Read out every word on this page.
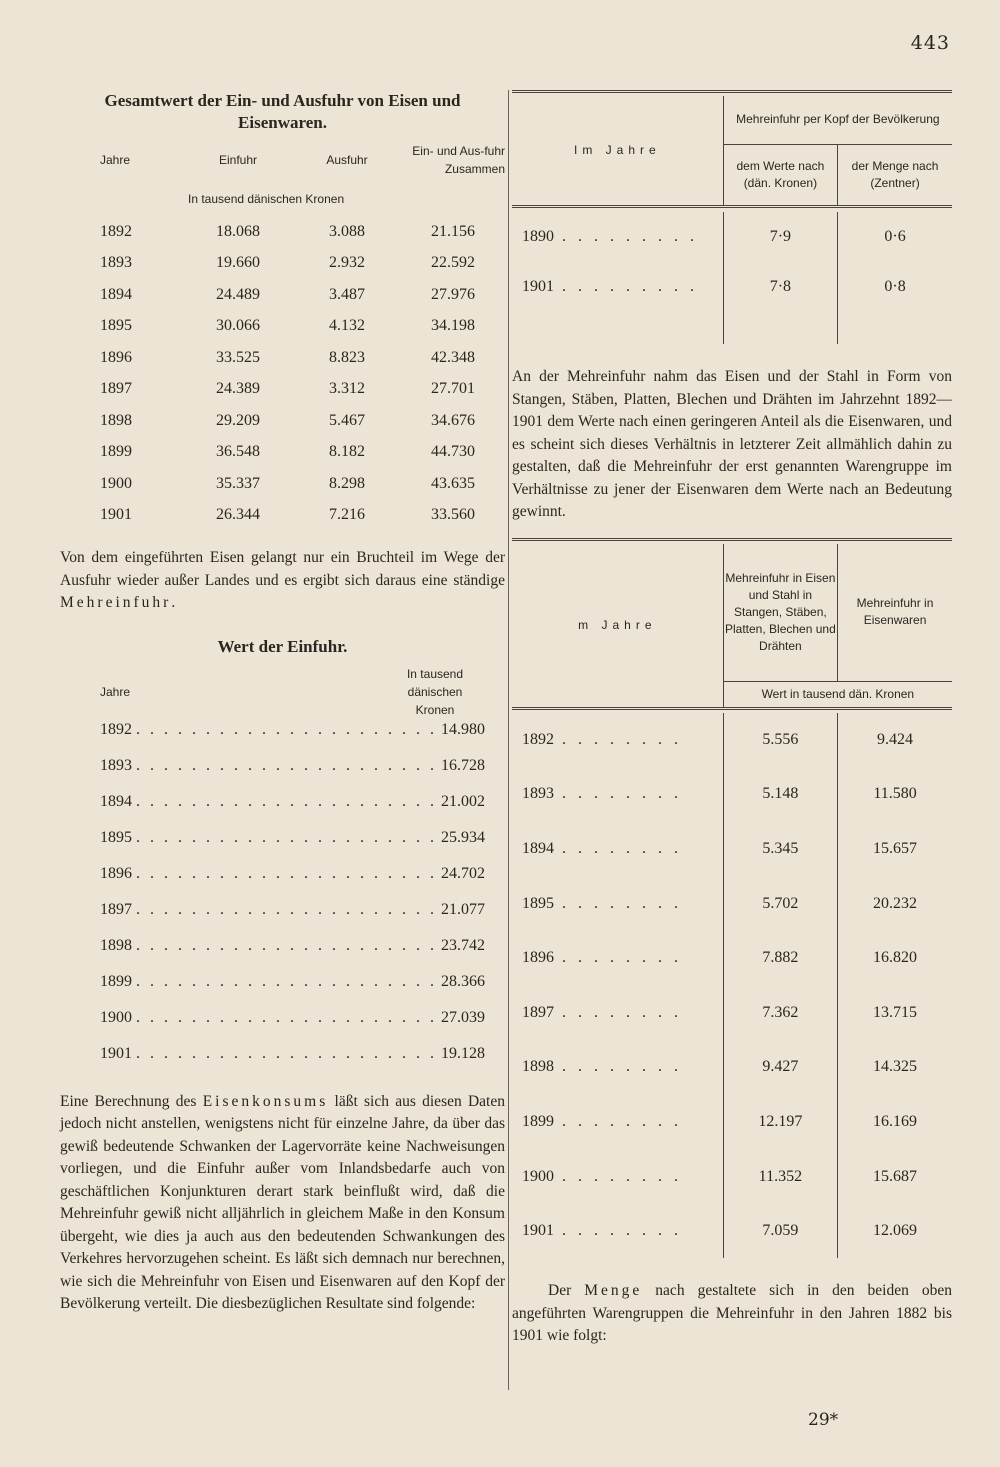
443
Gesamtwert der Ein- und Ausfuhr von Eisen und Eisenwaren.
Jahre	Einfuhr	Ausfuhr	Ein- und Aus-fuhr Zusammen
In tausend dänischen Kronen			
1892	18.068	3.088	21.156
1893	19.660	2.932	22.592
1894	24.489	3.487	27.976
1895	30.066	4.132	34.198
1896	33.525	8.823	42.348
1897	24.389	3.312	27.701
1898	29.209	5.467	34.676
1899	36.548	8.182	44.730
1900	35.337	8.298	43.635
1901	26.344	7.216	33.560
Von dem eingeführten Eisen gelangt nur ein Bruchteil im Wege der Ausfuhr wieder außer Landes und es ergibt sich daraus eine ständige Mehreinfuhr.
Wert der Einfuhr.
Jahre
In tausend dänischen Kronen
1892 . . .	14.980
1893 . . .	16.728
1894 . . .	21.002
1895 . . .	25.934
1896 . . .	24.702
1897 . . .	21.077
1898 . . .	23.742
1899 . . .	28.366
1900 . . .	27.039
1901 . . .	19.128
Eine Berechnung des Eisenkonsums läßt sich aus diesen Daten jedoch nicht anstellen, wenigstens nicht für einzelne Jahre, da über das gewiß bedeutende Schwanken der Lagervorräte keine Nachweisungen vorliegen, und die Einfuhr außer vom Inlandsbedarfe auch von geschäftlichen Konjunkturen derart stark beinflußt wird, daß die Mehreinfuhr gewiß nicht alljährlich in gleichem Maße in den Konsum übergeht, wie dies ja auch aus den bedeutenden Schwankungen des Verkehres hervorzugehen scheint. Es läßt sich demnach nur berechnen, wie sich die Mehreinfuhr von Eisen und Eisenwaren auf den Kopf der Bevölkerung verteilt. Die diesbezüglichen Resultate sind folgende:
Im Jahre	Mehreinfuhr per Kopf der Bevölkerung	
	dem Werte nach (dän. Kronen)	der Menge nach (Zentner)

1890 . . . . . . . . .	7·9	0·6
1901 . . . . . . . . .	7·8	0·8

An der Mehreinfuhr nahm das Eisen und der Stahl in Form von Stangen, Stäben, Platten, Blechen und Drähten im Jahrzehnt 1892—1901 dem Werte nach einen geringeren Anteil als die Eisenwaren, und es scheint sich dieses Verhältnis in letzterer Zeit allmählich dahin zu gestalten, daß die Mehreinfuhr der erst genannten Warengruppe im Verhältnisse zu jener der Eisenwaren dem Werte nach an Bedeutung gewinnt.
m Jahre	Mehreinfuhr in Eisen und Stahl in Stangen, Stäben, Platten, Blechen und Drähten	Mehreinfuhr in Eisenwaren
	Wert in tausend dän. Kronen	

1892 . . . . . . . .	5.556	9.424
1893 . . . . . . . .	5.148	11.580
1894 . . . . . . . .	5.345	15.657
1895 . . . . . . . .	5.702	20.232
1896 . . . . . . . .	7.882	16.820
1897 . . . . . . . .	7.362	13.715
1898 . . . . . . . .	9.427	14.325
1899 . . . . . . . .	12.197	16.169
1900 . . . . . . . .	11.352	15.687
1901 . . . . . . . .	7.059	12.069
Der Menge nach gestaltete sich in den beiden oben angeführten Warengruppen die Mehreinfuhr in den Jahren 1882 bis 1901 wie folgt:
29*
